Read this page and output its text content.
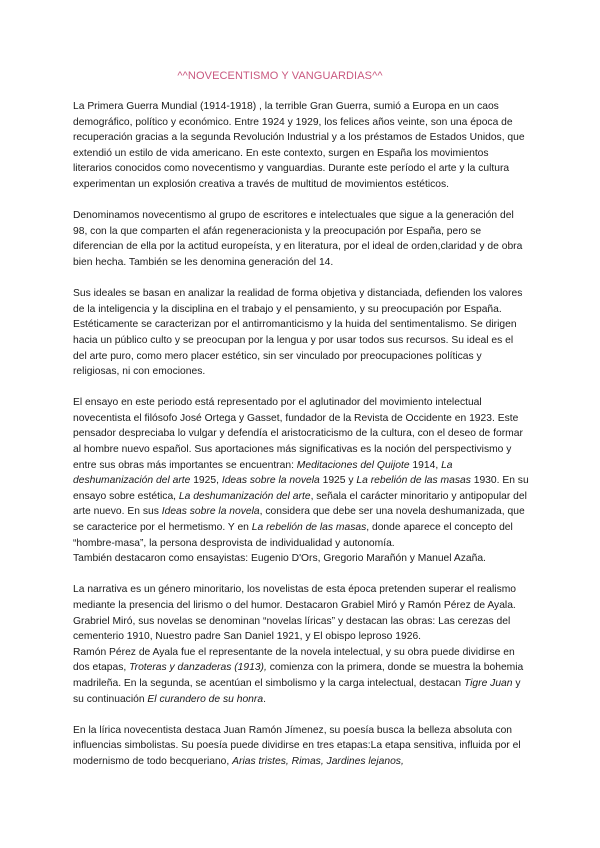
^^NOVECENTISMO Y VANGUARDIAS^^

La Primera Guerra Mundial (1914-1918) , la terrible Gran Guerra, sumió a Europa en un caos demográfico, político y económico. Entre 1924 y 1929, los felices años veinte, son una época de recuperación gracias a la segunda Revolución Industrial y a los préstamos de Estados Unidos, que extendió un estilo de vida americano. En este contexto, surgen en España los movimientos literarios conocidos como novecentismo y vanguardias. Durante este período el arte y la cultura experimentan un explosión creativa a través de multitud de movimientos estéticos.

Denominamos novecentismo al grupo de escritores e intelectuales que sigue a la generación del 98, con la que comparten el afán regeneracionista y la preocupación por España, pero se diferencian de ella por la actitud europeísta, y en literatura, por el ideal de orden,claridad y de obra bien hecha. También se les denomina generación del 14.

Sus ideales se basan en analizar la realidad de forma objetiva y distanciada, defienden los valores de la inteligencia y la disciplina en el trabajo y el pensamiento, y su preocupación por España. Estéticamente se caracterizan por el antirromanticismo y la huida del sentimentalismo. Se dirigen hacia un público culto y se preocupan por la lengua y por usar todos sus recursos. Su ideal es el del arte puro, como mero placer estético, sin ser vinculado por preocupaciones políticas y religiosas, ni con emociones.

El ensayo en este periodo está representado por el aglutinador del movimiento intelectual novecentista el filósofo José Ortega y Gasset, fundador de la Revista de Occidente en 1923. Este pensador despreciaba lo vulgar y defendía el aristocraticismo de la cultura, con el deseo de formar al hombre nuevo español. Sus aportaciones más significativas es la noción del perspectivismo y entre sus obras más importantes se encuentran: Meditaciones del Quijote 1914, La deshumanización del arte 1925, Ideas sobre la novela 1925 y La rebelión de las masas 1930. En su ensayo sobre estética, La deshumanización del arte, señala el carácter minoritario y antipopular del arte nuevo. En sus Ideas sobre la novela, considera que debe ser una novela deshumanizada, que se caracterice por el hermetismo. Y en La rebelión de las masas, donde aparece el concepto del “hombre-masa”, la persona desprovista de individualidad y autonomía.

También destacaron como ensayistas: Eugenio D'Ors, Gregorio Marañón y Manuel Azaña.

La narrativa es un género minoritario, los novelistas de esta época pretenden superar el realismo mediante la presencia del lirismo o del humor. Destacaron Grabiel Miró y Ramón Pérez de Ayala.

Grabriel Miró, sus novelas se denominan “novelas líricas” y destacan las obras: Las cerezas del cementerio 1910, Nuestro padre San Daniel 1921, y El obispo leproso 1926.

Ramón Pérez de Ayala fue el representante de la novela intelectual, y su obra puede dividirse en dos etapas, Troteras y danzaderas (1913), comienza con la primera, donde se muestra la bohemia madrileña. En la segunda, se acentúan el simbolismo y la carga intelectual, destacan Tigre Juan y su continuación El curandero de su honra.

En la lírica novecentista destaca Juan Ramón Jímenez, su poesía busca la belleza absoluta con influencias simbolistas. Su poesía puede dividirse en tres etapas:La etapa sensitiva, influida por el modernismo de todo becqueriano, Arias tristes, Rimas, Jardines lejanos,
